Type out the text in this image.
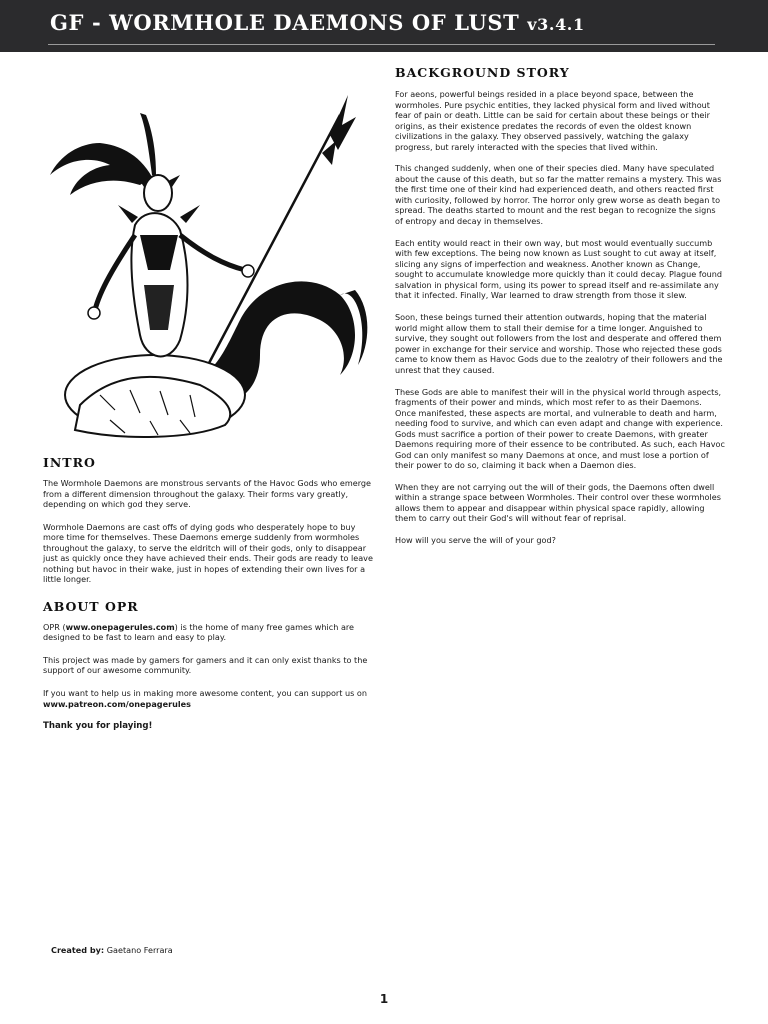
GF - WORMHOLE DAEMONS OF LUST v3.4.1
INTRO

The Wormhole Daemons are monstrous servants of the Havoc Gods who emerge from a different dimension throughout the galaxy. Their forms vary greatly, depending on which god they serve.

Wormhole Daemons are cast offs of dying gods who desperately hope to buy more time for themselves. These Daemons emerge suddenly from wormholes throughout the galaxy, to serve the eldritch will of their gods, only to disappear just as quickly once they have achieved their ends. Their gods are ready to leave nothing but havoc in their wake, just in hopes of extending their own lives for a little longer.

ABOUT OPR

OPR (www.onepagerules.com) is the home of many free games which are designed to be fast to learn and easy to play.

This project was made by gamers for gamers and it can only exist thanks to the support of our awesome community.

If you want to help us in making more awesome content, you can support us on www.patreon.com/onepagerules

Thank you for playing!

BACKGROUND STORY

For aeons, powerful beings resided in a place beyond space, between the wormholes. Pure psychic entities, they lacked physical form and lived without fear of pain or death. Little can be said for certain about these beings or their origins, as their existence predates the records of even the oldest known civilizations in the galaxy. They observed passively, watching the galaxy progress, but rarely interacted with the species that lived within.

This changed suddenly, when one of their species died. Many have speculated about the cause of this death, but so far the matter remains a mystery. This was the first time one of their kind had experienced death, and others reacted first with curiosity, followed by horror. The horror only grew worse as death began to spread. The deaths started to mount and the rest began to recognize the signs of entropy and decay in themselves.

Each entity would react in their own way, but most would eventually succumb with few exceptions. The being now known as Lust sought to cut away at itself, slicing any signs of imperfection and weakness. Another known as Change, sought to accumulate knowledge more quickly than it could decay. Plague found salvation in physical form, using its power to spread itself and re-assimilate any that it infected. Finally, War learned to draw strength from those it slew.

Soon, these beings turned their attention outwards, hoping that the material world might allow them to stall their demise for a time longer. Anguished to survive, they sought out followers from the lost and desperate and offered them power in exchange for their service and worship. Those who rejected these gods came to know them as Havoc Gods due to the zealotry of their followers and the unrest that they caused.

These Gods are able to manifest their will in the physical world through aspects, fragments of their power and minds, which most refer to as their Daemons. Once manifested, these aspects are mortal, and vulnerable to death and harm, needing food to survive, and which can even adapt and change with experience. Gods must sacrifice a portion of their power to create Daemons, with greater Daemons requiring more of their essence to be contributed. As such, each Havoc God can only manifest so many Daemons at once, and must lose a portion of their power to do so, claiming it back when a Daemon dies.

When they are not carrying out the will of their gods, the Daemons often dwell within a strange space between Wormholes. Their control over these wormholes allows them to appear and disappear within physical space rapidly, allowing them to carry out their God's will without fear of reprisal.

How will you serve the will of your god?

Created by: Gaetano Ferrara
1
